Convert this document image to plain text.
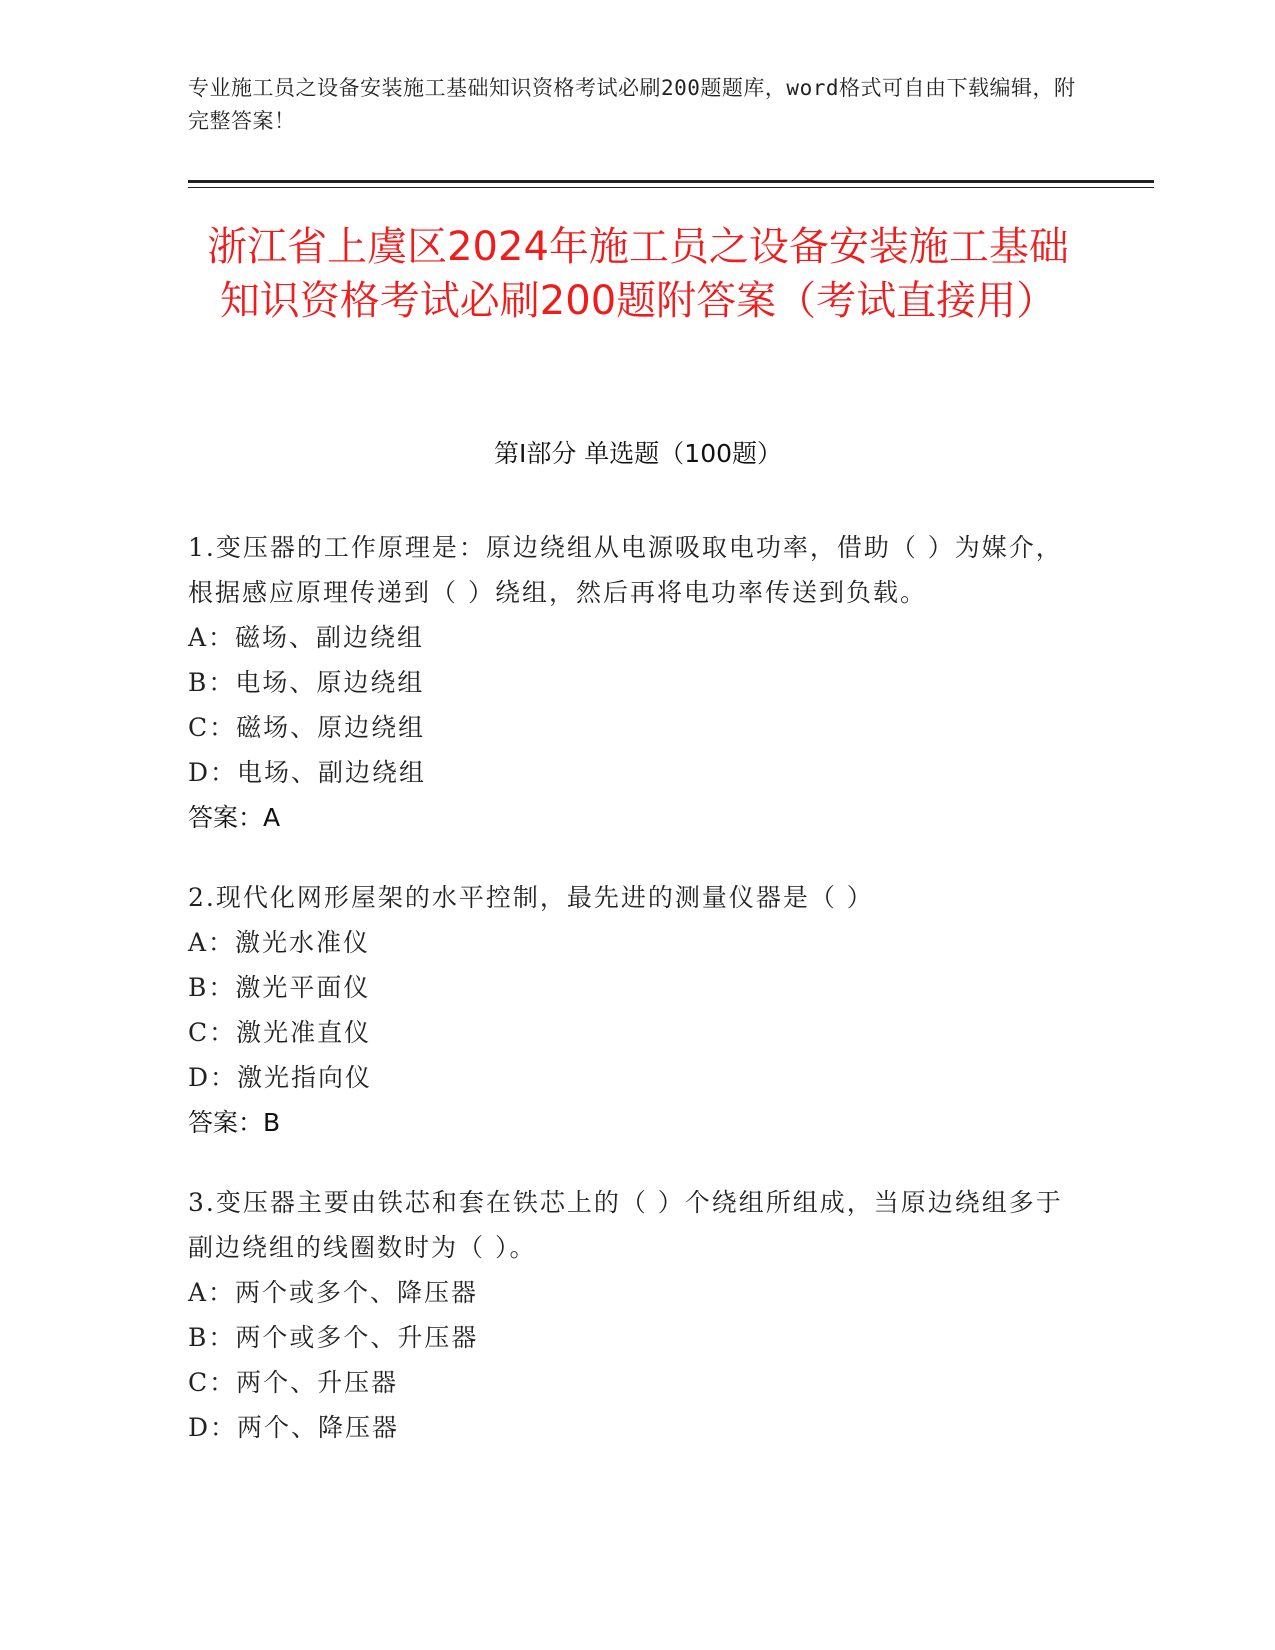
专业施工员之设备安装施工基础知识资格考试必刷200题题库，word格式可自由下载编辑，附完整答案！
浙江省上虞区2024年施工员之设备安装施工基础知识资格考试必刷200题附答案（考试直接用）
第Ⅰ部分 单选题（100题）
1.变压器的工作原理是：原边绕组从电源吸取电功率，借助（ ）为媒介，根据感应原理传递到（ ）绕组，然后再将电功率传送到负载。
A：磁场、副边绕组
B：电场、原边绕组
C：磁场、原边绕组
D：电场、副边绕组
答案：A
2.现代化网形屋架的水平控制，最先进的测量仪器是（ ）
A：激光水准仪
B：激光平面仪
C：激光准直仪
D：激光指向仪
答案：B
3.变压器主要由铁芯和套在铁芯上的（ ）个绕组所组成，当原边绕组多于副边绕组的线圈数时为（ ）。
A：两个或多个、降压器
B：两个或多个、升压器
C：两个、升压器
D：两个、降压器
